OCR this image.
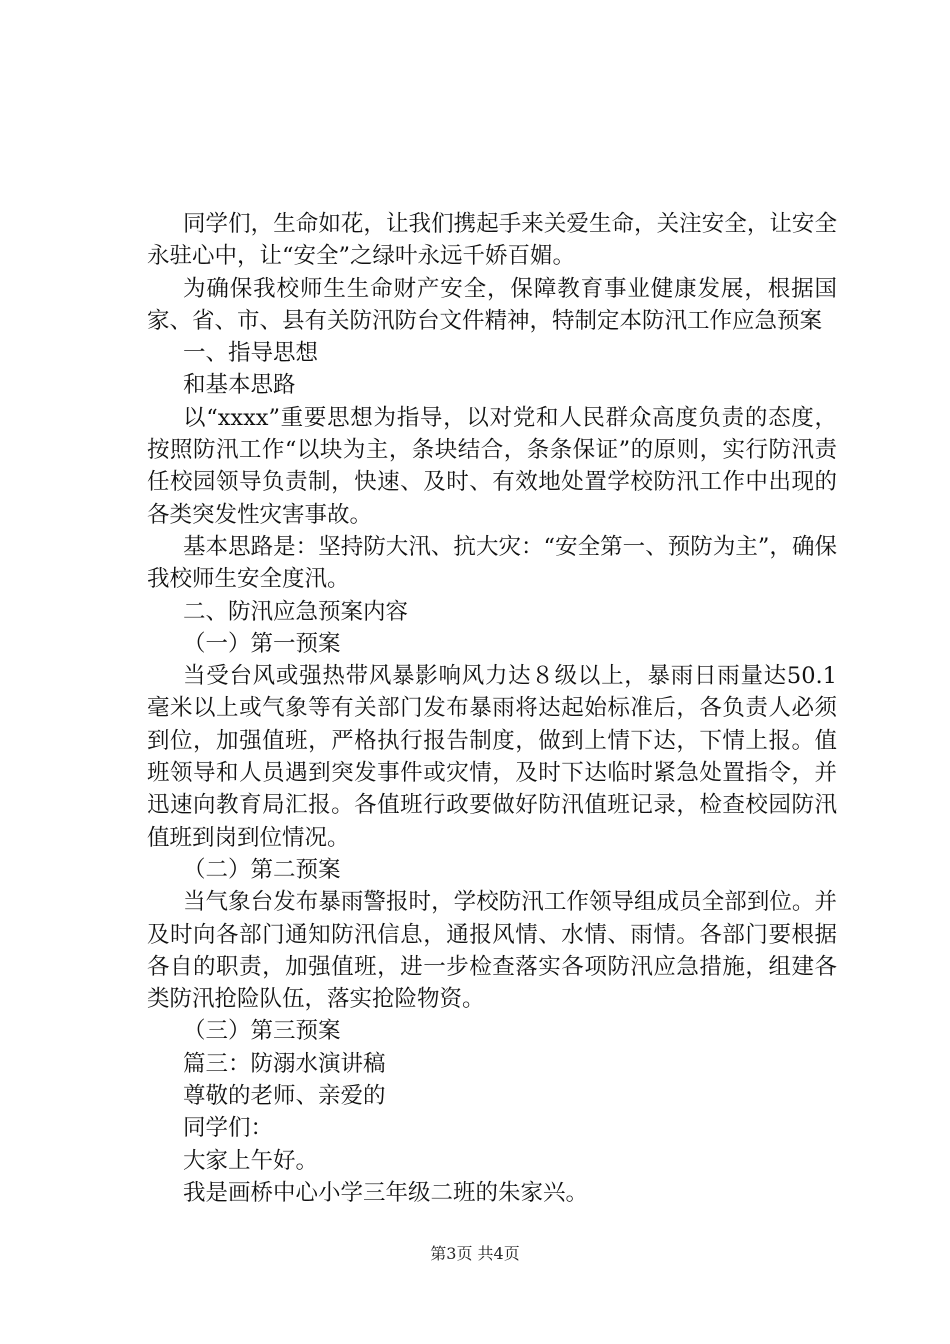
同学们，生命如花，让我们携起手来关爱生命，关注安全，让安全永驻心中，让“安全”之绿叶永远千娇百媚。

为确保我校师生生命财产安全，保障教育事业健康发展，根据国家、省、市、县有关防汛防台文件精神，特制定本防汛工作应急预案

一、指导思想

和基本思路

以“xxxx”重要思想为指导，以对党和人民群众高度负责的态度，按照防汛工作“以块为主，条块结合，条条保证”的原则，实行防汛责任校园领导负责制，快速、及时、有效地处置学校防汛工作中出现的各类突发性灾害事故。

基本思路是：坚持防大汛、抗大灾：“安全第一、预防为主”，确保我校师生安全度汛。

二、防汛应急预案内容

（一）第一预案

当受台风或强热带风暴影响风力达８级以上，暴雨日雨量达50.1毫米以上或气象等有关部门发布暴雨将达起始标准后，各负责人必须到位，加强值班，严格执行报告制度，做到上情下达，下情上报。值班领导和人员遇到突发事件或灾情，及时下达临时紧急处置指令，并迅速向教育局汇报。各值班行政要做好防汛值班记录，检查校园防汛值班到岗到位情况。

（二）第二预案

当气象台发布暴雨警报时，学校防汛工作领导组成员全部到位。并及时向各部门通知防汛信息，通报风情、水情、雨情。各部门要根据各自的职责，加强值班，进一步检查落实各项防汛应急措施，组建各类防汛抢险队伍，落实抢险物资。

（三）第三预案

篇三：防溺水演讲稿

尊敬的老师、亲爱的

同学们：

大家上午好。

我是画桥中心小学三年级二班的朱家兴。

第3页 共4页
